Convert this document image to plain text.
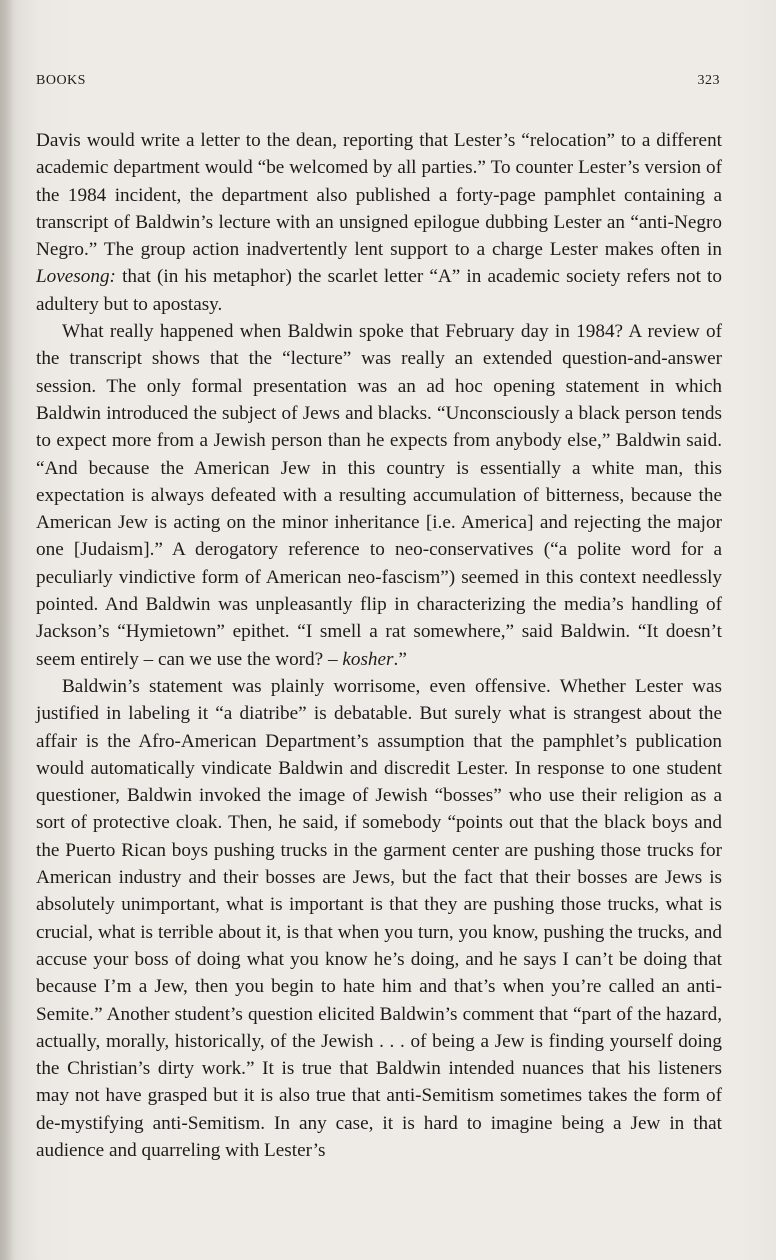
BOOKS	323

Davis would write a letter to the dean, reporting that Lester’s “relocation” to a different academic department would “be welcomed by all parties.” To counter Lester’s version of the 1984 incident, the department also published a forty-page pamphlet containing a transcript of Baldwin’s lecture with an unsigned epilogue dubbing Lester an “anti-Negro Negro.” The group action inadvertently lent support to a charge Lester makes often in Lovesong: that (in his metaphor) the scarlet letter “A” in academic society refers not to adultery but to apostasy.

What really happened when Baldwin spoke that February day in 1984? A review of the transcript shows that the “lecture” was really an extended question-and-answer session. The only formal presentation was an ad hoc opening statement in which Baldwin introduced the subject of Jews and blacks. “Unconsciously a black person tends to expect more from a Jewish person than he expects from anybody else,” Baldwin said. “And because the American Jew in this country is essentially a white man, this expectation is always defeated with a resulting accumulation of bitterness, because the American Jew is acting on the minor inheritance [i.e. America] and rejecting the major one [Judaism].” A derogatory reference to neo-conservatives (“a polite word for a peculiarly vindictive form of American neo-fascism”) seemed in this context needlessly pointed. And Baldwin was unpleasantly flip in characterizing the media’s handling of Jackson’s “Hymietown” epithet. “I smell a rat somewhere,” said Baldwin. “It doesn’t seem entirely – can we use the word? – kosher.”

Baldwin’s statement was plainly worrisome, even offensive. Whether Lester was justified in labeling it “a diatribe” is debatable. But surely what is strangest about the affair is the Afro-American Department’s assumption that the pamphlet’s publication would automatically vindicate Baldwin and discredit Lester. In response to one student questioner, Baldwin invoked the image of Jewish “bosses” who use their religion as a sort of protective cloak. Then, he said, if somebody “points out that the black boys and the Puerto Rican boys pushing trucks in the garment center are pushing those trucks for American industry and their bosses are Jews, but the fact that their bosses are Jews is absolutely unimportant, what is important is that they are pushing those trucks, what is crucial, what is terrible about it, is that when you turn, you know, pushing the trucks, and accuse your boss of doing what you know he’s doing, and he says I can’t be doing that because I’m a Jew, then you begin to hate him and that’s when you’re called an anti-Semite.” Another student’s question elicited Baldwin’s comment that “part of the hazard, actually, morally, historically, of the Jewish . . . of being a Jew is finding yourself doing the Christian’s dirty work.” It is true that Baldwin intended nuances that his listeners may not have grasped but it is also true that anti-Semitism sometimes takes the form of de-mystifying anti-Semitism. In any case, it is hard to imagine being a Jew in that audience and quarreling with Lester’s
